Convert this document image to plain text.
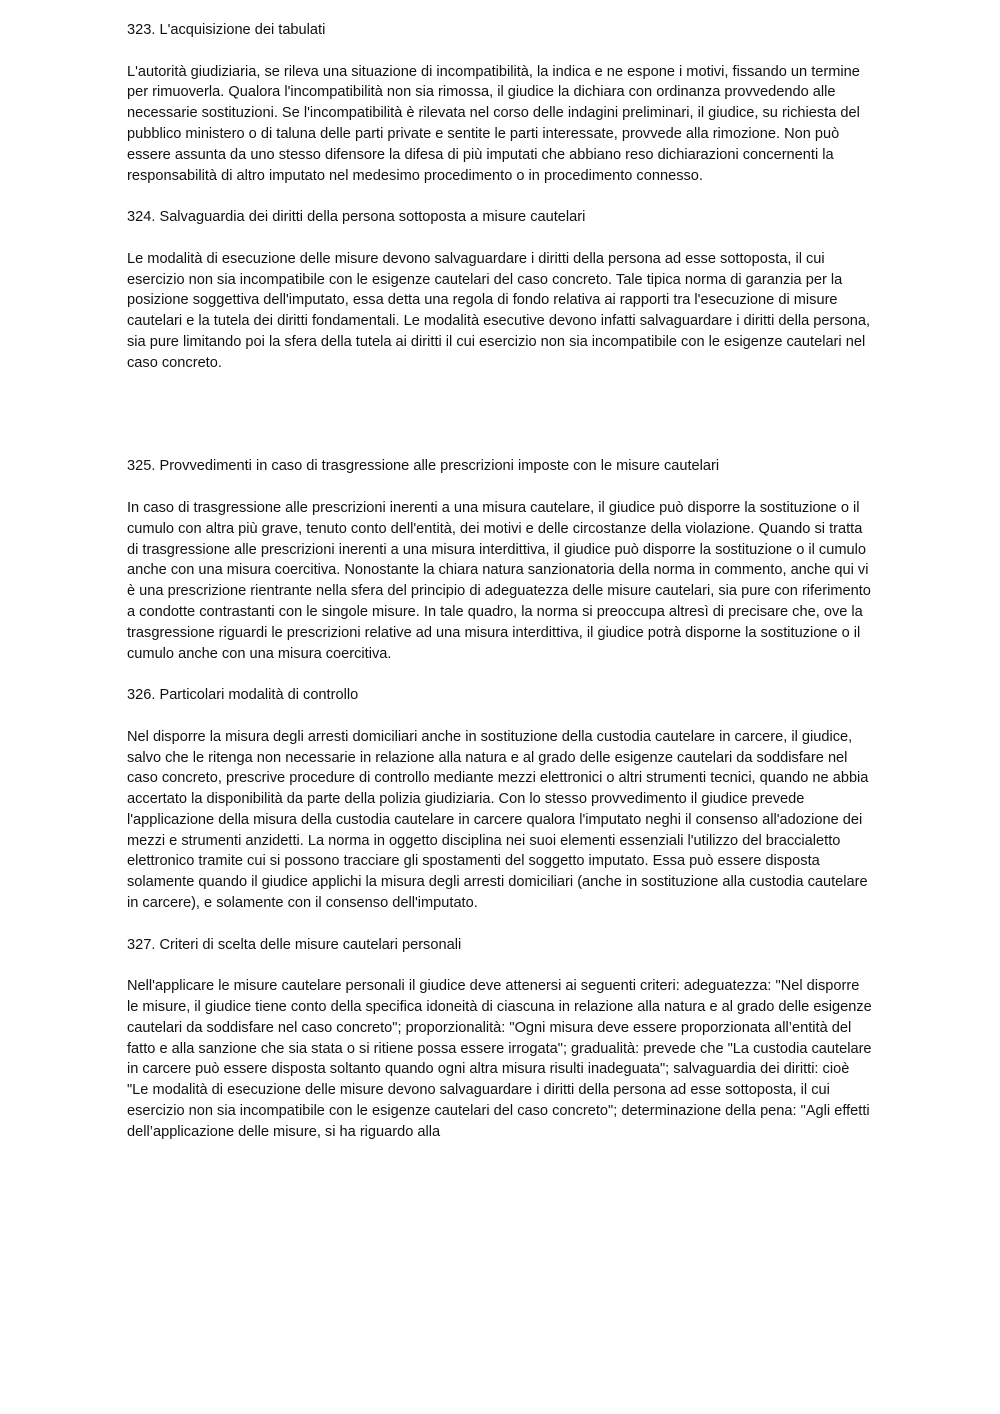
323. L'acquisizione dei tabulati

L'autorità giudiziaria, se rileva una situazione di incompatibilità, la indica e ne espone i motivi, fissando un termine per rimuoverla. Qualora l'incompatibilità non sia rimossa, il giudice la dichiara con ordinanza provvedendo alle necessarie sostituzioni. Se l'incompatibilità è rilevata nel corso delle indagini preliminari, il giudice, su richiesta del pubblico ministero o di taluna delle parti private e sentite le parti interessate, provvede alla rimozione. Non può essere assunta da uno stesso difensore la difesa di più imputati che abbiano reso dichiarazioni concernenti la responsabilità di altro imputato nel medesimo procedimento o in procedimento connesso.

324. Salvaguardia dei diritti della persona sottoposta a misure cautelari

Le modalità di esecuzione delle misure devono salvaguardare i diritti della persona ad esse sottoposta, il cui esercizio non sia incompatibile con le esigenze cautelari del caso concreto. Tale tipica norma di garanzia per la posizione soggettiva dell'imputato, essa detta una regola di fondo relativa ai rapporti tra l'esecuzione di misure cautelari e la tutela dei diritti fondamentali. Le modalità esecutive devono infatti salvaguardare i diritti della persona, sia pure limitando poi la sfera della tutela ai diritti il cui esercizio non sia incompatibile con le esigenze cautelari nel caso concreto.

325. Provvedimenti in caso di trasgressione alle prescrizioni imposte con le misure cautelari

In caso di trasgressione alle prescrizioni inerenti a una misura cautelare, il giudice può disporre la sostituzione o il cumulo con altra più grave, tenuto conto dell'entità, dei motivi e delle circostanze della violazione. Quando si tratta di trasgressione alle prescrizioni inerenti a una misura interdittiva, il giudice può disporre la sostituzione o il cumulo anche con una misura coercitiva. Nonostante la chiara natura sanzionatoria della norma in commento, anche qui vi è una prescrizione rientrante nella sfera del principio di adeguatezza delle misure cautelari, sia pure con riferimento a condotte contrastanti con le singole misure. In tale quadro, la norma si preoccupa altresì di precisare che, ove la trasgressione riguardi le prescrizioni relative ad una misura interdittiva, il giudice potrà disporne la sostituzione o il cumulo anche con una misura coercitiva.

326. Particolari modalità di controllo

Nel disporre la misura degli arresti domiciliari anche in sostituzione della custodia cautelare in carcere, il giudice, salvo che le ritenga non necessarie in relazione alla natura e al grado delle esigenze cautelari da soddisfare nel caso concreto, prescrive procedure di controllo mediante mezzi elettronici o altri strumenti tecnici, quando ne abbia accertato la disponibilità da parte della polizia giudiziaria. Con lo stesso provvedimento il giudice prevede l'applicazione della misura della custodia cautelare in carcere qualora l'imputato neghi il consenso all'adozione dei mezzi e strumenti anzidetti. La norma in oggetto disciplina nei suoi elementi essenziali l'utilizzo del braccialetto elettronico tramite cui si possono tracciare gli spostamenti del soggetto imputato. Essa può essere disposta solamente quando il giudice applichi la misura degli arresti domiciliari (anche in sostituzione alla custodia cautelare in carcere), e solamente con il consenso dell'imputato.

327. Criteri di scelta delle misure cautelari personali

Nell'applicare le misure cautelare personali il giudice deve attenersi ai seguenti criteri: adeguatezza: "Nel disporre le misure, il giudice tiene conto della specifica idoneità di ciascuna in relazione alla natura e al grado delle esigenze cautelari da soddisfare nel caso concreto"; proporzionalità: "Ogni misura deve essere proporzionata all’entità del fatto e alla sanzione che sia stata o si ritiene possa essere irrogata"; gradualità: prevede che "La custodia cautelare in carcere può essere disposta soltanto quando ogni altra misura risulti inadeguata"; salvaguardia dei diritti: cioè "Le modalità di esecuzione delle misure devono salvaguardare i diritti della persona ad esse sottoposta, il cui esercizio non sia incompatibile con le esigenze cautelari del caso concreto"; determinazione della pena: "Agli effetti dell’applicazione delle misure, si ha riguardo alla
